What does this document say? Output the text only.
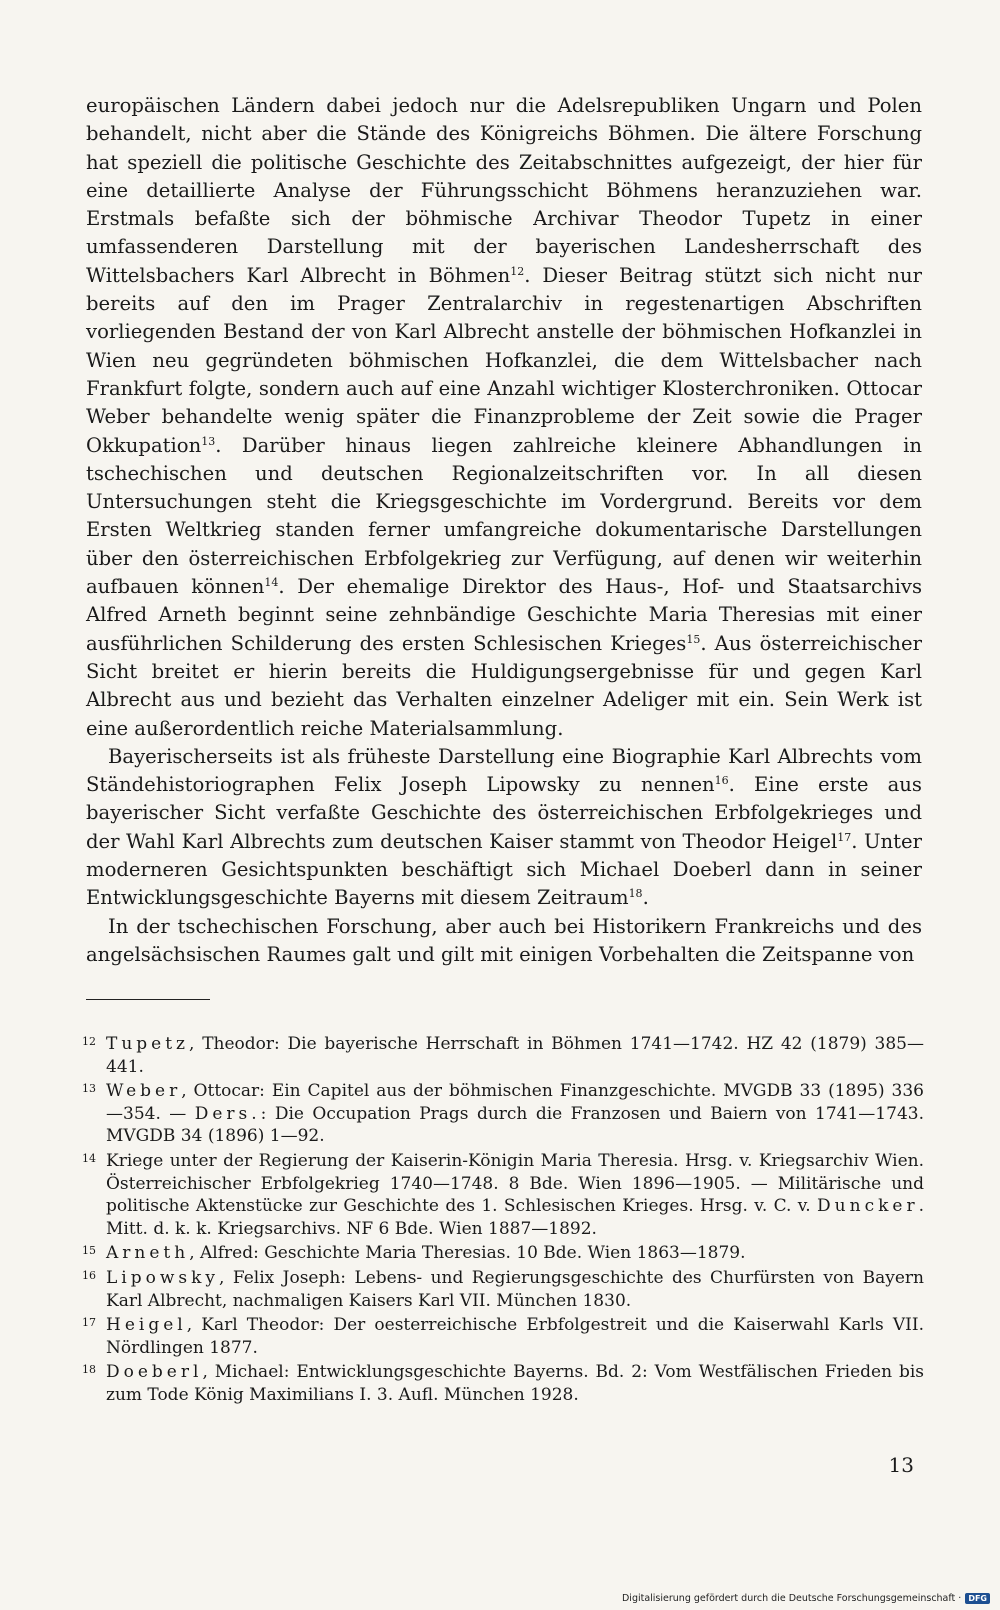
europäischen Ländern dabei jedoch nur die Adelsrepubliken Ungarn und Polen behandelt, nicht aber die Stände des Königreichs Böhmen. Die ältere Forschung hat speziell die politische Geschichte des Zeitabschnittes aufgezeigt, der hier für eine detaillierte Analyse der Führungsschicht Böhmens heranzuziehen war. Erstmals befaßte sich der böhmische Archivar Theodor Tupetz in einer umfassenderen Darstellung mit der bayerischen Landesherrschaft des Wittelsbachers Karl Albrecht in Böhmen$^{12}$. Dieser Beitrag stützt sich nicht nur bereits auf den im Prager Zentralarchiv in regestenartigen Abschriften vorliegenden Bestand der von Karl Albrecht anstelle der böhmischen Hofkanzlei in Wien neu gegründeten böhmischen Hofkanzlei, die dem Wittelsbacher nach Frankfurt folgte, sondern auch auf eine Anzahl wichtiger Klosterchroniken. Ottocar Weber behandelte wenig später die Finanzprobleme der Zeit sowie die Prager Okkupation$^{13}$. Darüber hinaus liegen zahlreiche kleinere Abhandlungen in tschechischen und deutschen Regionalzeitschriften vor. In all diesen Untersuchungen steht die Kriegsgeschichte im Vordergrund. Bereits vor dem Ersten Weltkrieg standen ferner umfangreiche dokumentarische Darstellungen über den österreichischen Erbfolgekrieg zur Verfügung, auf denen wir weiterhin aufbauen können$^{14}$. Der ehemalige Direktor des Haus-, Hof- und Staatsarchivs Alfred Arneth beginnt seine zehnbändige Geschichte Maria Theresias mit einer ausführlichen Schilderung des ersten Schlesischen Krieges$^{15}$. Aus österreichischer Sicht breitet er hierin bereits die Huldigungsergebnisse für und gegen Karl Albrecht aus und bezieht das Verhalten einzelner Adeliger mit ein. Sein Werk ist eine außerordentlich reiche Materialsammlung.

Bayerischerseits ist als früheste Darstellung eine Biographie Karl Albrechts vom Ständehistoriographen Felix Joseph Lipowsky zu nennen$^{16}$. Eine erste aus bayerischer Sicht verfaßte Geschichte des österreichischen Erbfolgekrieges und der Wahl Karl Albrechts zum deutschen Kaiser stammt von Theodor Heigel$^{17}$. Unter moderneren Gesichtspunkten beschäftigt sich Michael Doeberl dann in seiner Entwicklungsgeschichte Bayerns mit diesem Zeitraum$^{18}$.

In der tschechischen Forschung, aber auch bei Historikern Frankreichs und des angelsächsischen Raumes galt und gilt mit einigen Vorbehalten die Zeitspanne von

12 Tupetz, Theodor: Die bayerische Herrschaft in Böhmen 1741—1742. HZ 42 (1879) 385—441.
13 Weber, Ottocar: Ein Capitel aus der böhmischen Finanzgeschichte. MVGDB 33 (1895) 336—354. — Ders.: Die Occupation Prags durch die Franzosen und Baiern von 1741—1743. MVGDB 34 (1896) 1—92.
14 Kriege unter der Regierung der Kaiserin-Königin Maria Theresia. Hrsg. v. Kriegsarchiv Wien. Österreichischer Erbfolgekrieg 1740—1748. 8 Bde. Wien 1896—1905. — Militärische und politische Aktenstücke zur Geschichte des 1. Schlesischen Krieges. Hrsg. v. C. v. Duncker. Mitt. d. k. k. Kriegsarchivs. NF 6 Bde. Wien 1887—1892.
15 Arneth, Alfred: Geschichte Maria Theresias. 10 Bde. Wien 1863—1879.
16 Lipowsky, Felix Joseph: Lebens- und Regierungsgeschichte des Churfürsten von Bayern Karl Albrecht, nachmaligen Kaisers Karl VII. München 1830.
17 Heigel, Karl Theodor: Der oesterreichische Erbfolgestreit und die Kaiserwahl Karls VII. Nördlingen 1877.
18 Doeberl, Michael: Entwicklungsgeschichte Bayerns. Bd. 2: Vom Westfälischen Frieden bis zum Tode König Maximilians I. 3. Aufl. München 1928.
13
Digitalisierung gefördert durch die Deutsche Forschungsgemeinschaft · DFG
